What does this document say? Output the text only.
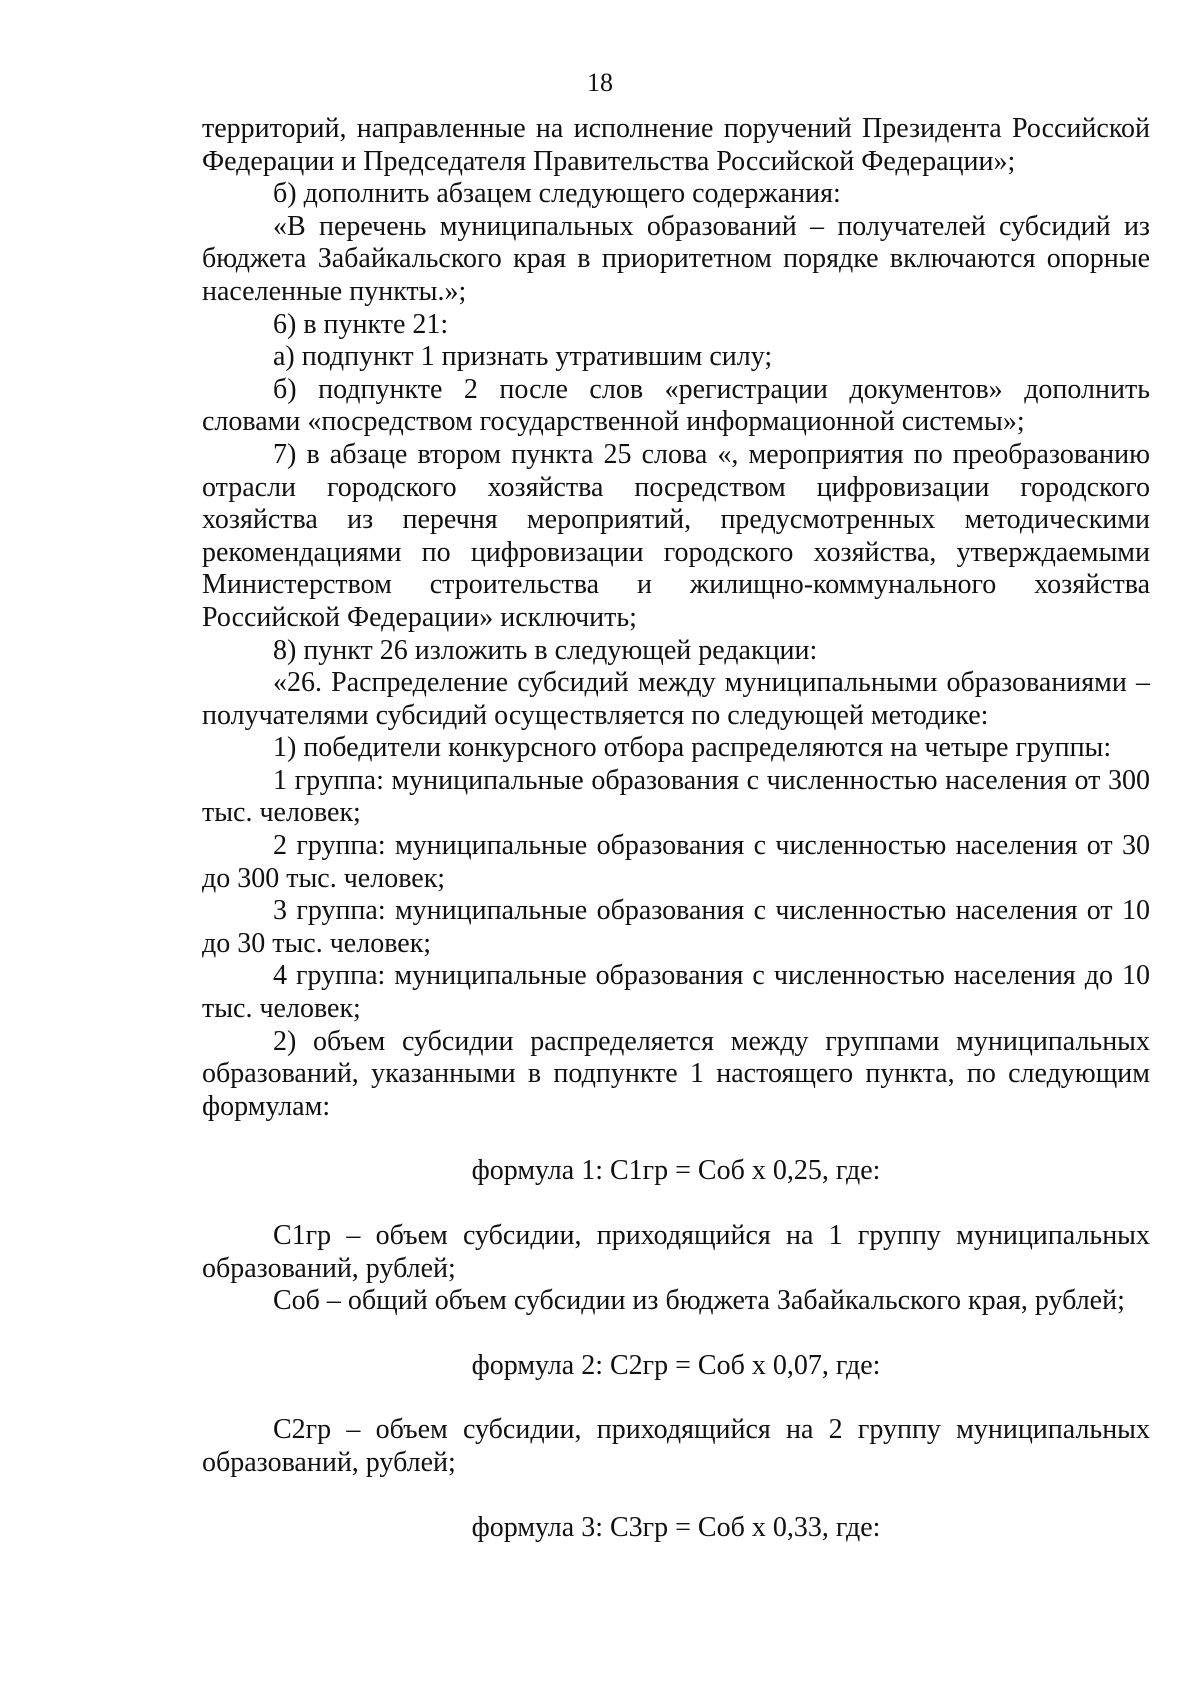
18

территорий, направленные на исполнение поручений Президента Российской Федерации и Председателя Правительства Российской Федерации»;

б) дополнить абзацем следующего содержания:

«В перечень муниципальных образований – получателей субсидий из бюджета Забайкальского края в приоритетном порядке включаются опорные населенные пункты.»;

6) в пункте 21:

а) подпункт 1 признать утратившим силу;

б) подпункте 2 после слов «регистрации документов» дополнить словами «посредством государственной информационной системы»;

7) в абзаце втором пункта 25 слова «, мероприятия по преобразованию отрасли городского хозяйства посредством цифровизации городского хозяйства из перечня мероприятий, предусмотренных методическими рекомендациями по цифровизации городского хозяйства, утверждаемыми Министерством строительства и жилищно-коммунального хозяйства Российской Федерации» исключить;

8) пункт 26 изложить в следующей редакции:

«26. Распределение субсидий между муниципальными образованиями – получателями субсидий осуществляется по следующей методике:

1) победители конкурсного отбора распределяются на четыре группы:

1 группа: муниципальные образования с численностью населения от 300 тыс. человек;

2 группа: муниципальные образования с численностью населения от 30 до 300 тыс. человек;

3 группа: муниципальные образования с численностью населения от 10 до 30 тыс. человек;

4 группа: муниципальные образования с численностью населения до 10 тыс. человек;

2) объем субсидии распределяется между группами муниципальных образований, указанными в подпункте 1 настоящего пункта, по следующим формулам:

формула 1: С1гр = Соб х 0,25, где:

С1гр – объем субсидии, приходящийся на 1 группу муниципальных образований, рублей;

Соб – общий объем субсидии из бюджета Забайкальского края, рублей;

формула 2: С2гр = Соб х 0,07, где:

С2гр – объем субсидии, приходящийся на 2 группу муниципальных образований, рублей;

формула 3: С3гр = Соб х 0,33, где:
